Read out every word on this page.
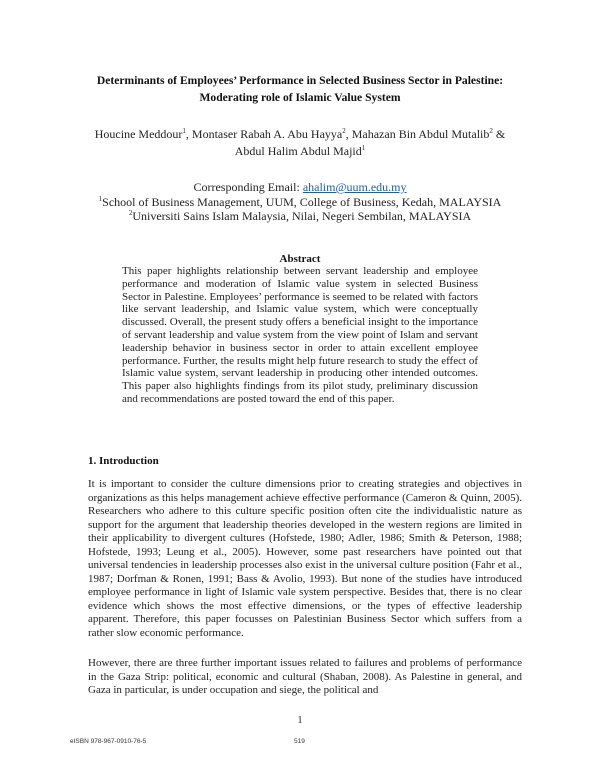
Determinants of Employees’ Performance in Selected Business Sector in Palestine:
Moderating role of Islamic Value System
Houcine Meddour$^1$, Montaser Rabah A. Abu Hayya$^2$, Mahazan Bin Abdul Mutalib$^2$ &
Abdul Halim Abdul Majid$^1$
Corresponding Email: ahalim@uum.edu.my
$^1$School of Business Management, UUM, College of Business, Kedah, MALAYSIA
$^2$Universiti Sains Islam Malaysia, Nilai, Negeri Sembilan, MALAYSIA
Abstract
This paper highlights relationship between servant leadership and employee performance and moderation of Islamic value system in selected Business Sector in Palestine. Employees’ performance is seemed to be related with factors like servant leadership, and Islamic value system, which were conceptually discussed. Overall, the present study offers a beneficial insight to the importance of servant leadership and value system from the view point of Islam and servant leadership behavior in business sector in order to attain excellent employee performance. Further, the results might help future research to study the effect of Islamic value system, servant leadership in producing other intended outcomes. This paper also highlights findings from its pilot study, preliminary discussion and recommendations are posted toward the end of this paper.
1. Introduction
It is important to consider the culture dimensions prior to creating strategies and objectives in organizations as this helps management achieve effective performance (Cameron & Quinn, 2005). Researchers who adhere to this culture specific position often cite the individualistic nature as support for the argument that leadership theories developed in the western regions are limited in their applicability to divergent cultures (Hofstede, 1980; Adler, 1986; Smith & Peterson, 1988; Hofstede, 1993; Leung et al., 2005). However, some past researchers have pointed out that universal tendencies in leadership processes also exist in the universal culture position (Fahr et al., 1987; Dorfman & Ronen, 1991; Bass & Avolio, 1993). But none of the studies have introduced employee performance in light of Islamic vale system perspective. Besides that, there is no clear evidence which shows the most effective dimensions, or the types of effective leadership apparent. Therefore, this paper focusses on Palestinian Business Sector which suffers from a rather slow economic performance.
However, there are three further important issues related to failures and problems of performance in the Gaza Strip: political, economic and cultural (Shaban, 2008). As Palestine in general, and Gaza in particular, is under occupation and siege, the political and
1
eISBN 978-967-0910-76-5	519
